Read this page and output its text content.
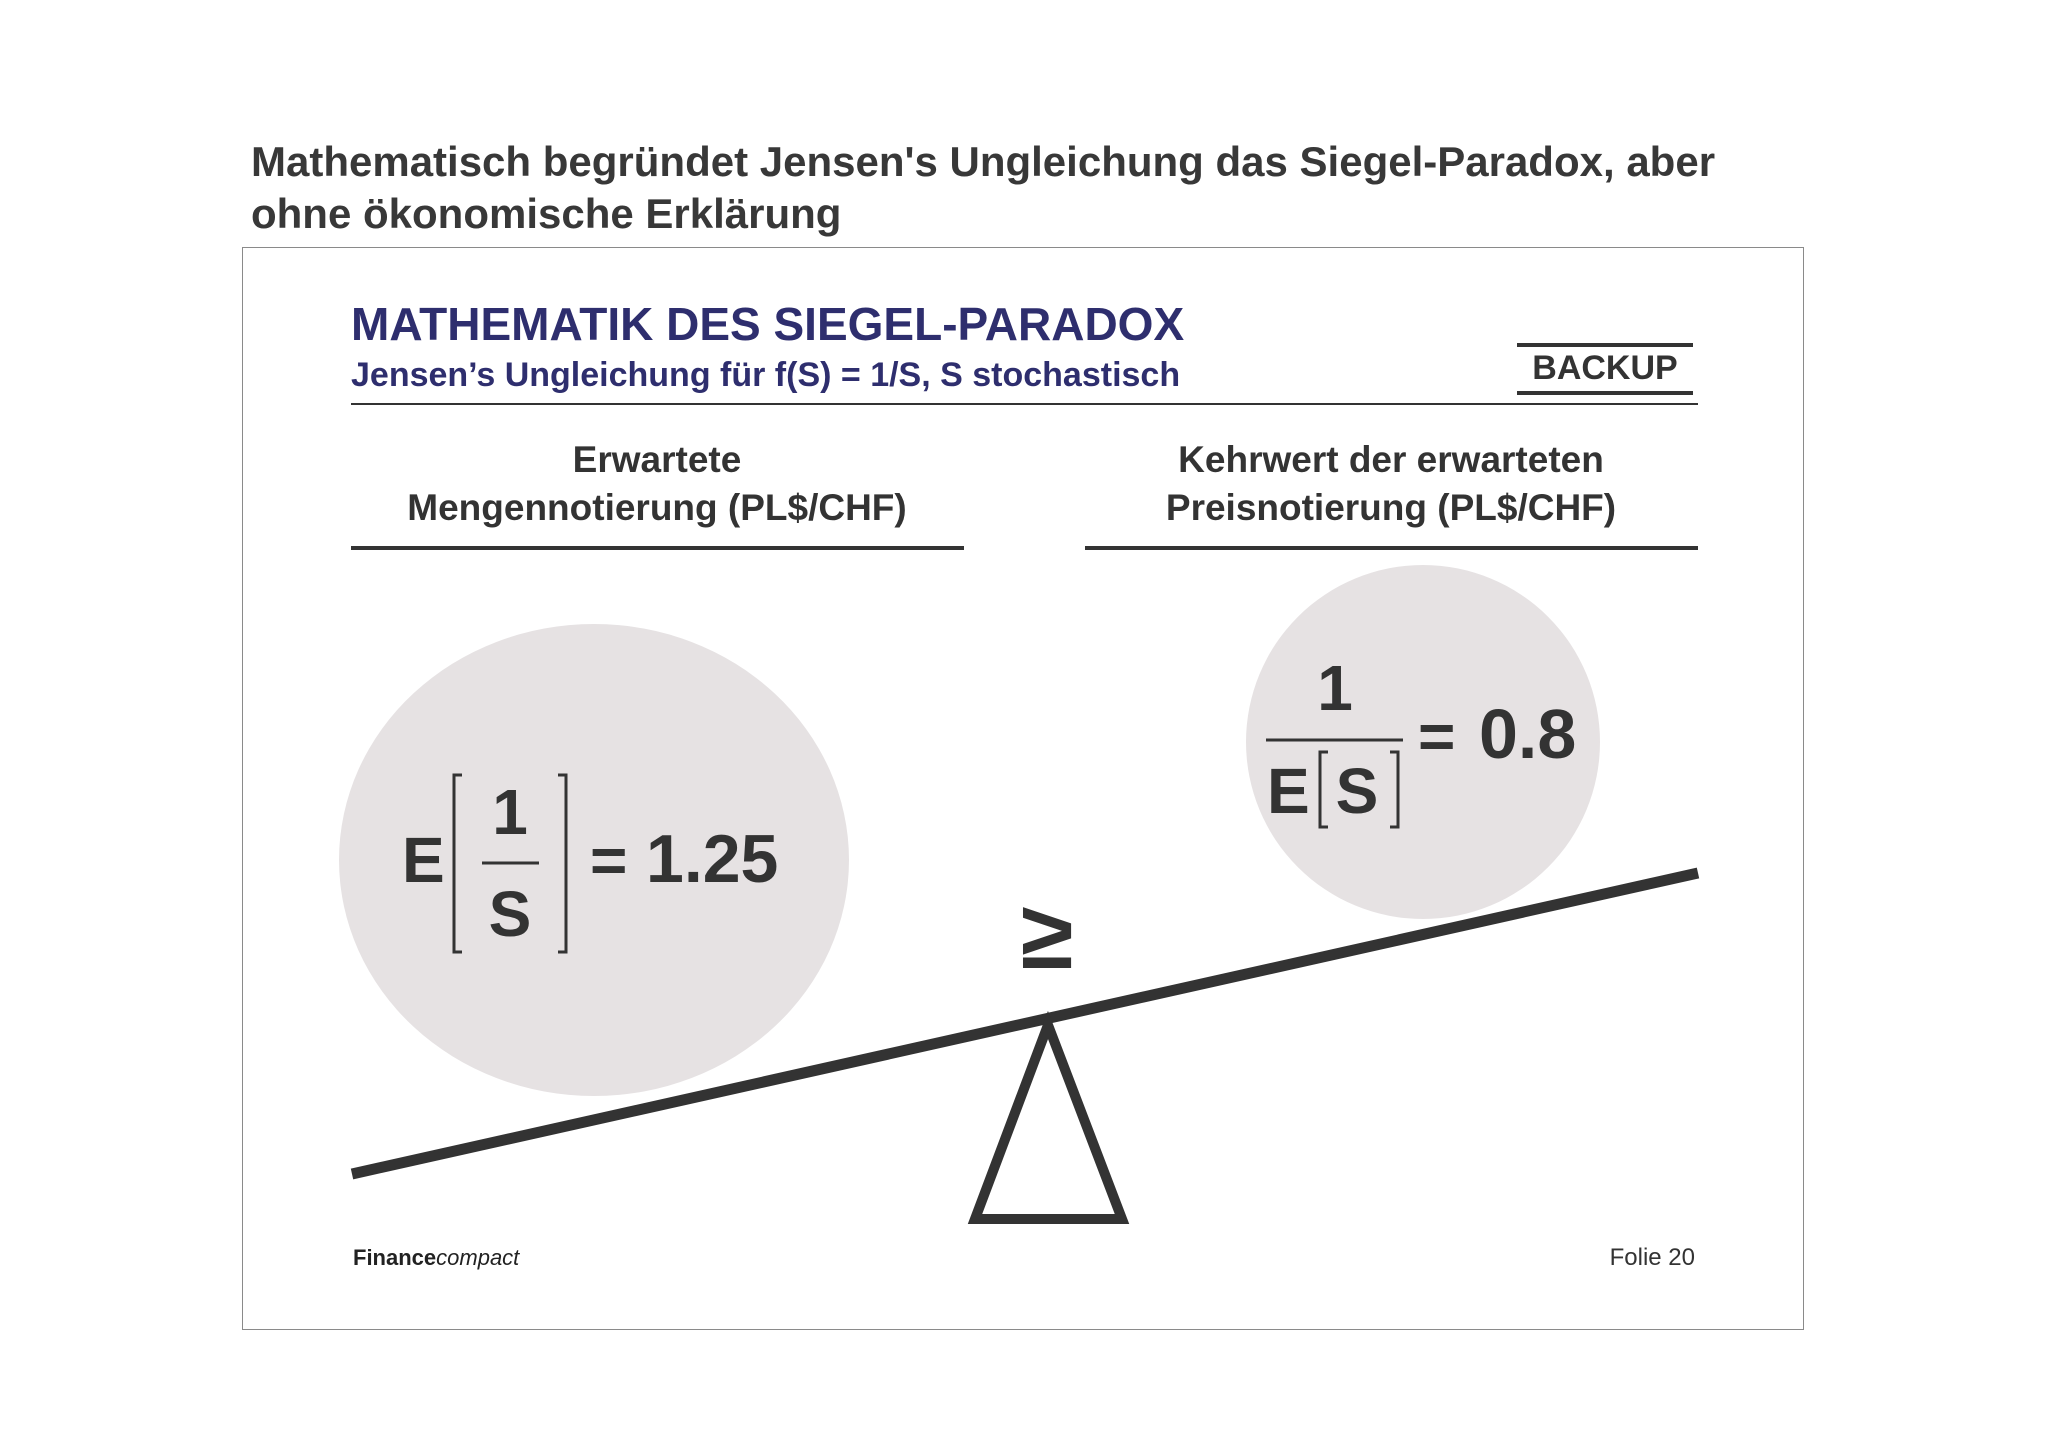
Mathematisch begründet Jensen's Ungleichung das Siegel-Paradox, aber
ohne ökonomische Erklärung
MATHEMATIK DES SIEGEL-PARADOX
Jensen’s Ungleichung für f(S) = 1/S, S stochastisch	BACKUP
Erwartete
Mengennotierung (PL$/CHF)
Kehrwert der erwarteten
Preisnotierung (PL$/CHF)
≥
E
1
S
= 1.25
1
E S
= 0.8
Financecompact	Folie 20
